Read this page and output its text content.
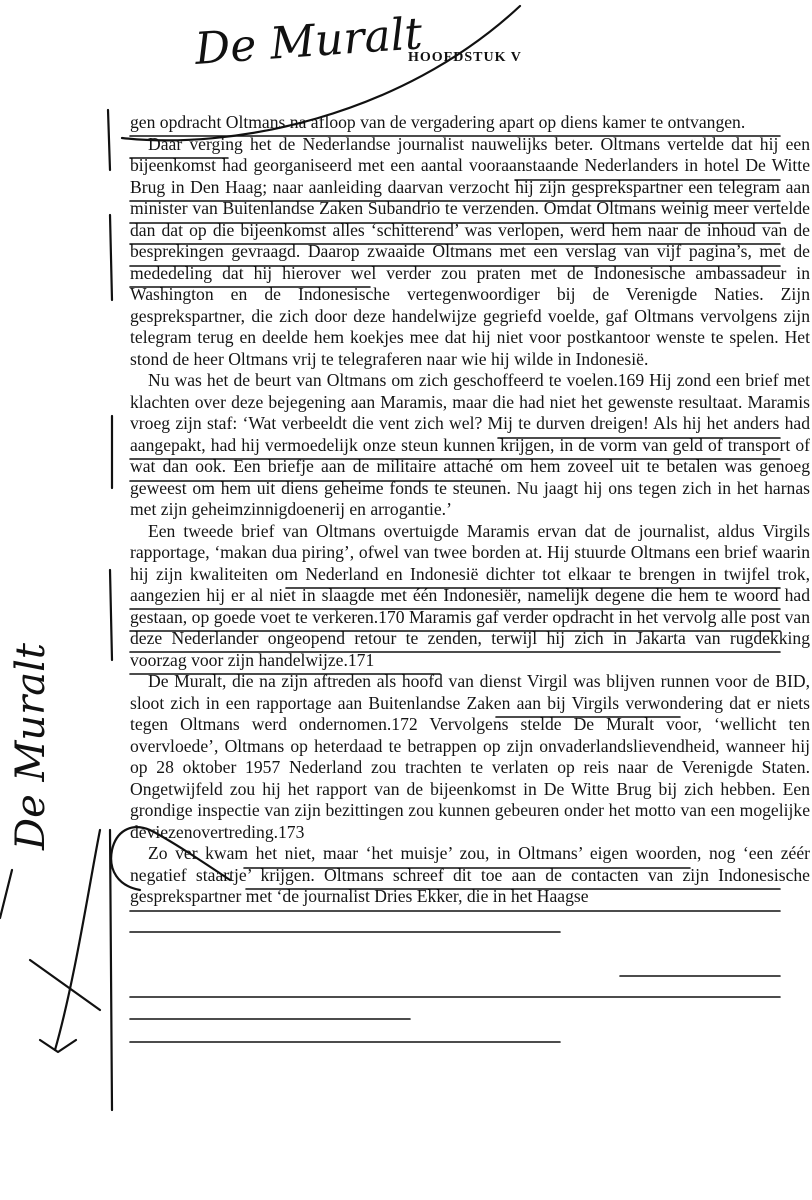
HOOFDSTUK V

gen opdracht Oltmans na afloop van de vergadering apart op diens kamer te ontvangen.

Daar verging het de Nederlandse journalist nauwelijks beter. Oltmans vertelde dat hij een bijeenkomst had georganiseerd met een aantal vooraanstaande Nederlanders in hotel De Witte Brug in Den Haag; naar aanleiding daarvan verzocht hij zijn gesprekspartner een telegram aan minister van Buitenlandse Zaken Subandrio te verzenden. Omdat Oltmans weinig meer vertelde dan dat op die bijeenkomst alles ‘schitterend’ was verlopen, werd hem naar de inhoud van de besprekingen gevraagd. Daarop zwaaide Oltmans met een verslag van vijf pagina’s, met de mededeling dat hij hierover wel verder zou praten met de Indonesische ambassadeur in Washington en de Indonesische vertegenwoordiger bij de Verenigde Naties. Zijn gesprekspartner, die zich door deze handelwijze gegriefd voelde, gaf Oltmans vervolgens zijn telegram terug en deelde hem koekjes mee dat hij niet voor postkantoor wenste te spelen. Het stond de heer Oltmans vrij te telegraferen naar wie hij wilde in Indonesië.

Nu was het de beurt van Oltmans om zich geschoffeerd te voelen.169 Hij zond een brief met klachten over deze bejegening aan Maramis, maar die had niet het gewenste resultaat. Maramis vroeg zijn staf: ‘Wat verbeeldt die vent zich wel? Mij te durven dreigen! Als hij het anders had aangepakt, had hij vermoedelijk onze steun kunnen krijgen, in de vorm van geld of transport of wat dan ook. Een briefje aan de militaire attaché om hem zoveel uit te betalen was genoeg geweest om hem uit diens geheime fonds te steunen. Nu jaagt hij ons tegen zich in het harnas met zijn geheimzinnigdoenerij en arrogantie.’

Een tweede brief van Oltmans overtuigde Maramis ervan dat de journalist, aldus Virgils rapportage, ‘makan dua piring’, ofwel van twee borden at. Hij stuurde Oltmans een brief waarin hij zijn kwaliteiten om Nederland en Indonesië dichter tot elkaar te brengen in twijfel trok, aangezien hij er al niet in slaagde met één Indonesiër, namelijk degene die hem te woord had gestaan, op goede voet te verkeren.170 Maramis gaf verder opdracht in het vervolg alle post van deze Nederlander ongeopend retour te zenden, terwijl hij zich in Jakarta van rugdekking voorzag voor zijn handelwijze.171

De Muralt, die na zijn aftreden als hoofd van dienst Virgil was blijven runnen voor de BID, sloot zich in een rapportage aan Buitenlandse Zaken aan bij Virgils verwondering dat er niets tegen Oltmans werd ondernomen.172 Vervolgens stelde De Muralt voor, ‘wellicht ten overvloede’, Oltmans op heterdaad te betrappen op zijn onvaderlandslievendheid, wanneer hij op 28 oktober 1957 Nederland zou trachten te verlaten op reis naar de Verenigde Staten. Ongetwijfeld zou hij het rapport van de bijeenkomst in De Witte Brug bij zich hebben. Een grondige inspectie van zijn bezittingen zou kunnen gebeuren onder het motto van een mogelijke deviezenovertreding.173

Zo ver kwam het niet, maar ‘het muisje’ zou, in Oltmans’ eigen woorden, nog ‘een zéér negatief staartje’ krijgen. Oltmans schreef dit toe aan de contacten van zijn Indonesische gesprekspartner met ‘de journalist Dries Ekker, die in het Haagse

De Muralt
De Muralt
